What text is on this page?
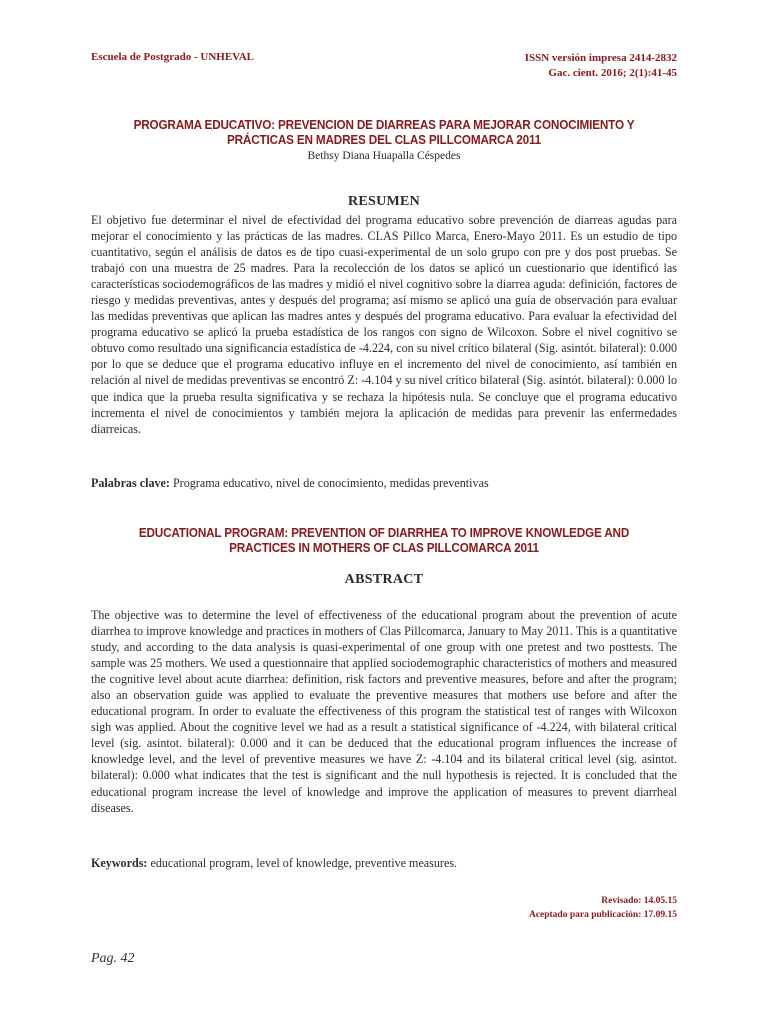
Escuela de Postgrado - UNHEVAL	ISSN versión impresa 2414-2832
Gac. cient. 2016; 2(1):41-45
PROGRAMA EDUCATIVO: PREVENCION DE DIARREAS PARA MEJORAR CONOCIMIENTO Y PRÁCTICAS EN MADRES DEL CLAS PILLCOMARCA 2011
Bethsy Diana Huapalla Céspedes
RESUMEN
El objetivo fue determinar el nivel de efectividad del programa educativo sobre prevención de diarreas agudas para mejorar el conocimiento y las prácticas de las madres. CLAS Pillco Marca, Enero-Mayo 2011. Es un estudio de tipo cuantitativo, según el análisis de datos es de tipo cuasi-experimental de un solo grupo con pre y dos post pruebas. Se trabajó con una muestra de 25 madres. Para la recolección de los datos se aplicó un cuestionario que identificó las características sociodemográficos de las madres y midió el nivel cognitivo sobre la diarrea aguda: definición, factores de riesgo y medidas preventivas, antes y después del programa; así mismo se aplicó una guía de observación para evaluar las medidas preventivas que aplican las madres antes y después del programa educativo. Para evaluar la efectividad del programa educativo se aplicó la prueba estadística de los rangos con signo de Wilcoxon. Sobre el nivel cognitivo se obtuvo como resultado una significancia estadística de -4.224, con su nivel crítico bilateral (Sig. asintót. bilateral): 0.000 por lo que se deduce que el programa educativo influye en el incremento del nivel de conocimiento, así también en relación al nivel de medidas preventivas se encontró Z: -4.104 y su nivel crítico bilateral (Sig. asintót. bilateral): 0.000 lo que indica que la prueba resulta significativa y se rechaza la hipótesis nula. Se concluye que el programa educativo incrementa el nivel de conocimientos y también mejora la aplicación de medidas para prevenir las enfermedades diarreicas.
Palabras clave: Programa educativo, nivel de conocimiento, medidas preventivas
EDUCATIONAL PROGRAM: PREVENTION OF DIARRHEA TO IMPROVE KNOWLEDGE AND PRACTICES IN MOTHERS OF CLAS PILLCOMARCA 2011
ABSTRACT
The objective was to determine the level of effectiveness of the educational program about the prevention of acute diarrhea to improve knowledge and practices in mothers of Clas Pillcomarca, January to May 2011. This is a quantitative study, and according to the data analysis is quasi-experimental of one group with one pretest and two posttests. The sample was 25 mothers. We used a questionnaire that applied sociodemographic characteristics of mothers and measured the cognitive level about acute diarrhea: definition, risk factors and preventive measures, before and after the program; also an observation guide was applied to evaluate the preventive measures that mothers use before and after the educational program. In order to evaluate the effectiveness of this program the statistical test of ranges with Wilcoxon sigh was applied. About the cognitive level we had as a result a statistical significance of -4.224, with bilateral critical level (sig. asintot. bilateral): 0.000 and it can be deduced that the educational program influences the increase of knowledge level, and the level of preventive measures we have Z: -4.104 and its bilateral critical level (sig. asintot. bilateral): 0.000 what indicates that the test is significant and the null hypothesis is rejected. It is concluded that the educational program increase the level of knowledge and improve the application of measures to prevent diarrheal diseases.
Keywords: educational program, level of knowledge, preventive measures.
Revisado: 14.05.15
Aceptado para publicación: 17.09.15
Pag. 42
